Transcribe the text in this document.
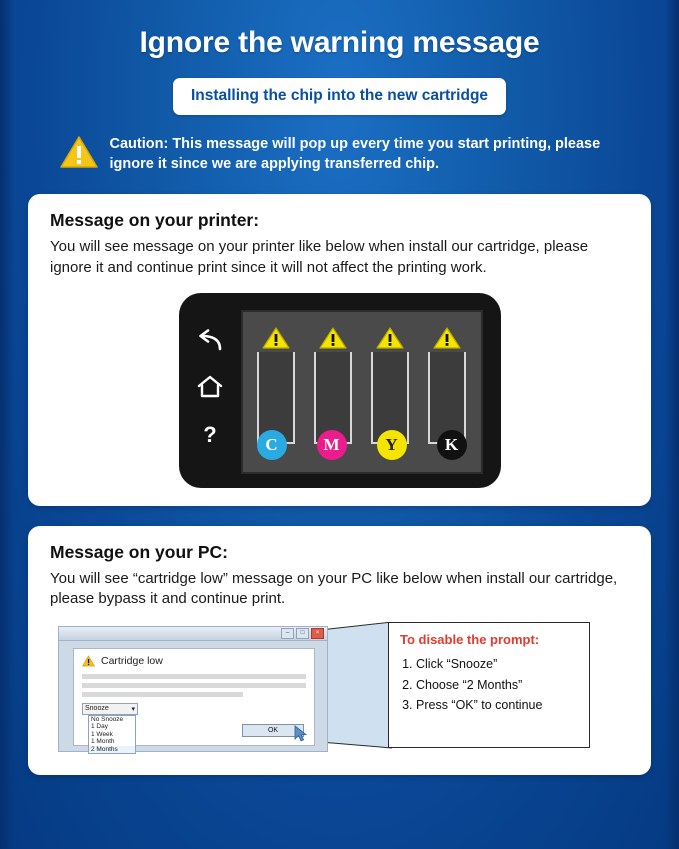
Ignore the warning message
Installing the chip into the new cartridge
Caution: This message will pop up every time you start printing, please ignore it since we are applying transferred chip.
Message on your printer:

You will see message on your printer like below when install our cartridge, please ignore it and continue print since it will not affect the printing work.

?	C	M	Y	K
Message on your PC:

You will see “cartridge low” message on your PC like below when install our cartridge, please bypass it and continue print.

–	□	×
Cartridge low
Snooze	▾
No Snooze
1 Day
1 Week
1 Month
2 Months
OK
To disable the prompt:
1. Click “Snooze”
2. Choose “2 Months”
3. Press “OK” to continue
